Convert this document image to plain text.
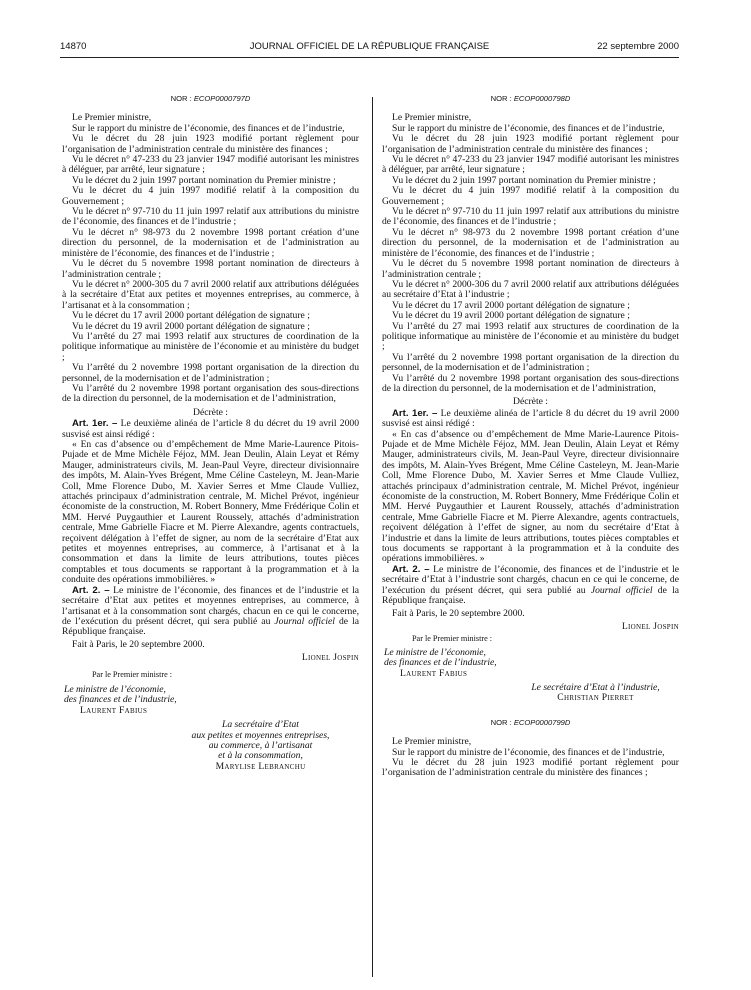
14870	JOURNAL OFFICIEL DE LA RÉPUBLIQUE FRANÇAISE	22 septembre 2000

NOR : ECOP0000797D

Le Premier ministre,

Sur le rapport du ministre de l’économie, des finances et de l’industrie,

Vu le décret du 28 juin 1923 modifié portant règlement pour l’organisation de l’administration centrale du ministère des finances ;

Vu le décret n° 47-233 du 23 janvier 1947 modifié autorisant les ministres à déléguer, par arrêté, leur signature ;

Vu le décret du 2 juin 1997 portant nomination du Premier ministre ;

Vu le décret du 4 juin 1997 modifié relatif à la composition du Gouvernement ;

Vu le décret n° 97-710 du 11 juin 1997 relatif aux attributions du ministre de l’économie, des finances et de l’industrie ;

Vu le décret n° 98-973 du 2 novembre 1998 portant création d’une direction du personnel, de la modernisation et de l’administration au ministère de l’économie, des finances et de l’industrie ;

Vu le décret du 5 novembre 1998 portant nomination de directeurs à l’administration centrale ;

Vu le décret n° 2000-305 du 7 avril 2000 relatif aux attributions déléguées à la secrétaire d’Etat aux petites et moyennes entreprises, au commerce, à l’artisanat et à la consommation ;

Vu le décret du 17 avril 2000 portant délégation de signature ;

Vu le décret du 19 avril 2000 portant délégation de signature ;

Vu l’arrêté du 27 mai 1993 relatif aux structures de coordination de la politique informatique au ministère de l’économie et au ministère du budget ;

Vu l’arrêté du 2 novembre 1998 portant organisation de la direction du personnel, de la modernisation et de l’administration ;

Vu l’arrêté du 2 novembre 1998 portant organisation des sous-directions de la direction du personnel, de la modernisation et de l’administration,

Décrète :

Art. 1er. – Le deuxième alinéa de l’article 8 du décret du 19 avril 2000 susvisé est ainsi rédigé :

« En cas d’absence ou d’empêchement de Mme Marie-Laurence Pitois-Pujade et de Mme Michèle Féjoz, MM. Jean Deulin, Alain Leyat et Rémy Mauger, administrateurs civils, M. Jean-Paul Veyre, directeur divisionnaire des impôts, M. Alain-Yves Brégent, Mme Céline Casteleyn, M. Jean-Marie Coll, Mme Florence Dubo, M. Xavier Serres et Mme Claude Vulliez, attachés principaux d’administration centrale, M. Michel Prévot, ingénieur économiste de la construction, M. Robert Bonnery, Mme Frédérique Colin et MM. Hervé Puygauthier et Laurent Roussely, attachés d’administration centrale, Mme Gabrielle Fiacre et M. Pierre Alexandre, agents contractuels, reçoivent délégation à l’effet de signer, au nom de la secrétaire d’Etat aux petites et moyennes entreprises, au commerce, à l’artisanat et à la consommation et dans la limite de leurs attributions, toutes pièces comptables et tous documents se rapportant à la programmation et à la conduite des opérations immobilières. »

Art. 2. – Le ministre de l’économie, des finances et de l’industrie et la secrétaire d’Etat aux petites et moyennes entreprises, au commerce, à l’artisanat et à la consommation sont chargés, chacun en ce qui le concerne, de l’exécution du présent décret, qui sera publié au Journal officiel de la République française.

Fait à Paris, le 20 septembre 2000.

Lionel Jospin

Par le Premier ministre :

Le ministre de l’économie,
des finances et de l’industrie,
Laurent Fabius
La secrétaire d’Etat
aux petites et moyennes entreprises,
au commerce, à l’artisanat
et à la consommation,
Marylise Lebranchu

NOR : ECOP0000798D

Le Premier ministre,

Sur le rapport du ministre de l’économie, des finances et de l’industrie,

Vu le décret du 28 juin 1923 modifié portant règlement pour l’organisation de l’administration centrale du ministère des finances ;

Vu le décret n° 47-233 du 23 janvier 1947 modifié autorisant les ministres à déléguer, par arrêté, leur signature ;

Vu le décret du 2 juin 1997 portant nomination du Premier ministre ;

Vu le décret du 4 juin 1997 modifié relatif à la composition du Gouvernement ;

Vu le décret n° 97-710 du 11 juin 1997 relatif aux attributions du ministre de l’économie, des finances et de l’industrie ;

Vu le décret n° 98-973 du 2 novembre 1998 portant création d’une direction du personnel, de la modernisation et de l’administration au ministère de l’économie, des finances et de l’industrie ;

Vu le décret du 5 novembre 1998 portant nomination de directeurs à l’administration centrale ;

Vu le décret n° 2000-306 du 7 avril 2000 relatif aux attributions déléguées au secrétaire d’Etat à l’industrie ;

Vu le décret du 17 avril 2000 portant délégation de signature ;

Vu le décret du 19 avril 2000 portant délégation de signature ;

Vu l’arrêté du 27 mai 1993 relatif aux structures de coordination de la politique informatique au ministère de l’économie et au ministère du budget ;

Vu l’arrêté du 2 novembre 1998 portant organisation de la direction du personnel, de la modernisation et de l’administration ;

Vu l’arrêté du 2 novembre 1998 portant organisation des sous-directions de la direction du personnel, de la modernisation et de l’administration,

Décrète :

Art. 1er. – Le deuxième alinéa de l’article 8 du décret du 19 avril 2000 susvisé est ainsi rédigé :

« En cas d’absence ou d’empêchement de Mme Marie-Laurence Pitois-Pujade et de Mme Michèle Féjoz, MM. Jean Deulin, Alain Leyat et Rémy Mauger, administrateurs civils, M. Jean-Paul Veyre, directeur divisionnaire des impôts, M. Alain-Yves Brégent, Mme Céline Casteleyn, M. Jean-Marie Coll, Mme Florence Dubo, M. Xavier Serres et Mme Claude Vulliez, attachés principaux d’administration centrale, M. Michel Prévot, ingénieur économiste de la construction, M. Robert Bonnery, Mme Frédérique Colin et MM. Hervé Puygauthier et Laurent Roussely, attachés d’administration centrale, Mme Gabrielle Fiacre et M. Pierre Alexandre, agents contractuels, reçoivent délégation à l’effet de signer, au nom du secrétaire d’Etat à l’industrie et dans la limite de leurs attributions, toutes pièces comptables et tous documents se rapportant à la programmation et à la conduite des opérations immobilières. »

Art. 2. – Le ministre de l’économie, des finances et de l’industrie et le secrétaire d’Etat à l’industrie sont chargés, chacun en ce qui le concerne, de l’exécution du présent décret, qui sera publié au Journal officiel de la République française.

Fait à Paris, le 20 septembre 2000.

Lionel Jospin

Par le Premier ministre :

Le ministre de l’économie,
des finances et de l’industrie,
Laurent Fabius
Le secrétaire d’Etat à l’industrie,
Christian Pierret

NOR : ECOP0000799D

Le Premier ministre,

Sur le rapport du ministre de l’économie, des finances et de l’industrie,

Vu le décret du 28 juin 1923 modifié portant règlement pour l’organisation de l’administration centrale du ministère des finances ;
